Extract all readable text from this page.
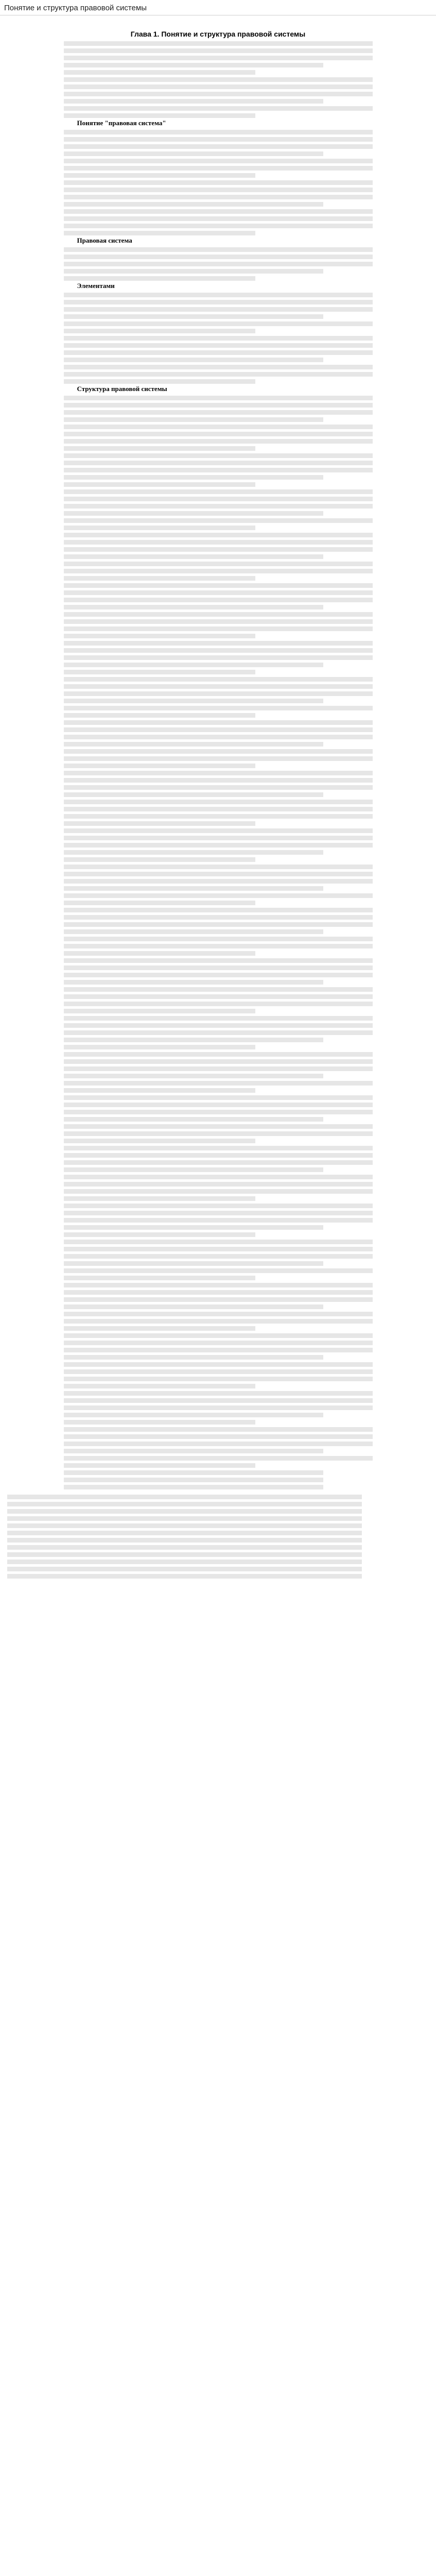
Понятие и структура правовой системы
Глава 1. Понятие и структура правовой системы

Понятие "правовая система"

Правовая система

Элементами

Структура правовой системы
